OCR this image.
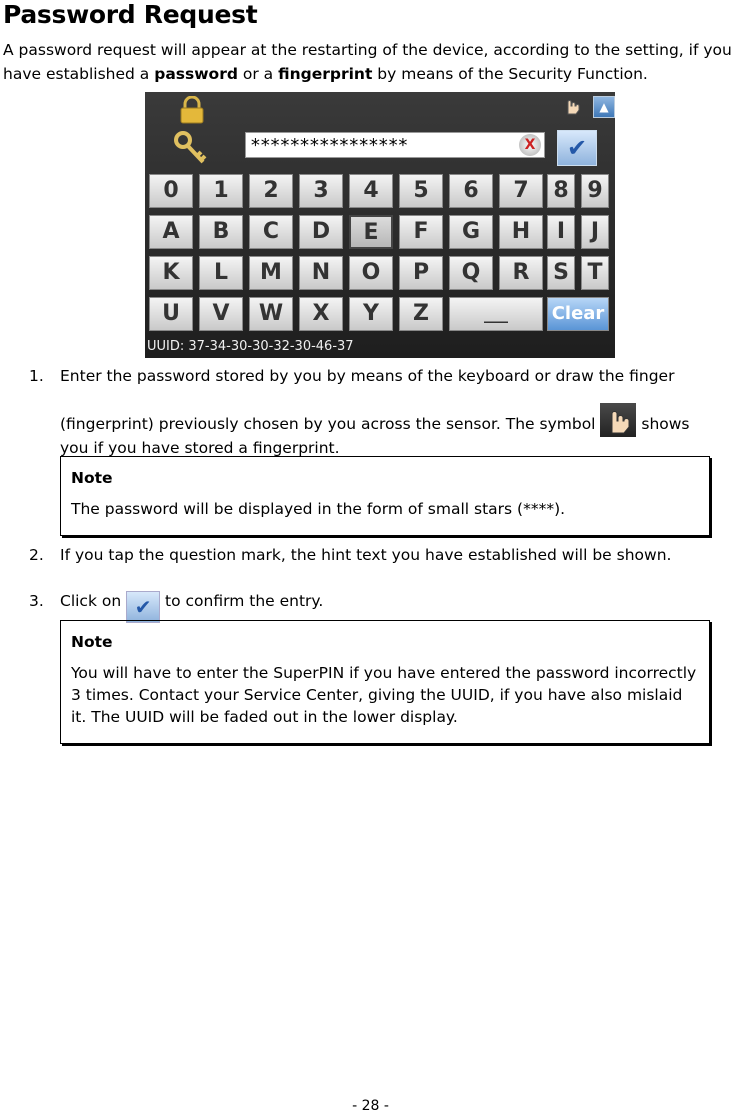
Password Request
A password request will appear at the restarting of the device, according to the setting, if you have established a password or a fingerprint by means of the Security Function.
▲
****************	X	✔
0	1	2	3	4	5	6	7	8 9
A	B	C	D	E	F	G	H	I	J
K	L	M	N	O	P	Q	R	S T
U	V	W	X	Y	Z	___	Clear
UUID: 37-34-30-30-32-30-46-37
1. Enter the password stored by you by means of the keyboard or draw the finger
(fingerprint) previously chosen by you across the sensor. The symbol	shows
you if you have stored a fingerprint.
Note
The password will be displayed in the form of small stars (****).
2. If you tap the question mark, the hint text you have established will be shown.
3. Click on ✔ to confirm the entry.
Note
You will have to enter the SuperPIN if you have entered the password incorrectly 3 times. Contact your Service Center, giving the UUID, if you have also mislaid it. The UUID will be faded out in the lower display.
- 28 -
